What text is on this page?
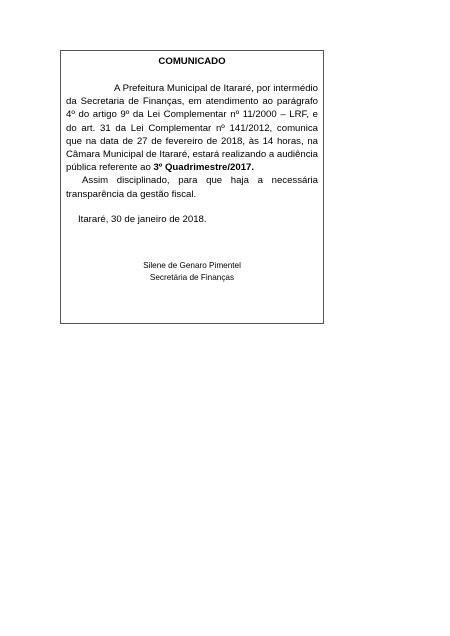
COMUNICADO

A Prefeitura Municipal de Itararé, por intermédio da Secretaria de Finanças, em atendimento ao parágrafo 4º do artigo 9º da Lei Complementar nº 11/2000 – LRF, e do art. 31 da Lei Complementar nº 141/2012, comunica que na data de 27 de fevereiro de 2018, às 14 horas, na Câmara Municipal de Itararé, estará realizando a audiência pública referente ao 3º Quadrimestre/2017.

Assim disciplinado, para que haja a necessária transparência da gestão fiscal.

Itararé, 30 de janeiro de 2018.
Silene de Genaro Pimentel
Secretária de Finanças
